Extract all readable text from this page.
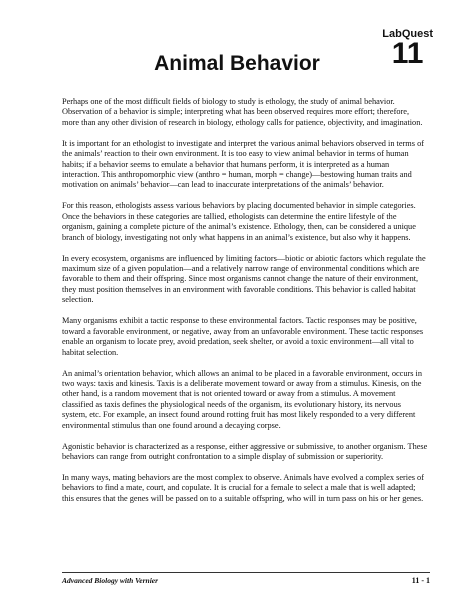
LabQuest
11
Animal Behavior

Perhaps one of the most difficult fields of biology to study is ethology, the study of animal behavior. Observation of a behavior is simple; interpreting what has been observed requires more effort; therefore, more than any other division of research in biology, ethology calls for patience, objectivity, and imagination.

It is important for an ethologist to investigate and interpret the various animal behaviors observed in terms of the animals’ reaction to their own environment. It is too easy to view animal behavior in terms of human habits; if a behavior seems to emulate a behavior that humans perform, it is interpreted as a human interaction. This anthropomorphic view (anthro = human, morph = change)—bestowing human traits and motivation on animals’ behavior—can lead to inaccurate interpretations of the animals’ behavior.

For this reason, ethologists assess various behaviors by placing documented behavior in simple categories. Once the behaviors in these categories are tallied, ethologists can determine the entire lifestyle of the organism, gaining a complete picture of the animal’s existence. Ethology, then, can be considered a unique branch of biology, investigating not only what happens in an animal’s existence, but also why it happens.

In every ecosystem, organisms are influenced by limiting factors—biotic or abiotic factors which regulate the maximum size of a given population—and a relatively narrow range of environmental conditions which are favorable to them and their offspring. Since most organisms cannot change the nature of their environment, they must position themselves in an environment with favorable conditions. This behavior is called habitat selection.

Many organisms exhibit a tactic response to these environmental factors. Tactic responses may be positive, toward a favorable environment, or negative, away from an unfavorable environment. These tactic responses enable an organism to locate prey, avoid predation, seek shelter, or avoid a toxic environment—all vital to habitat selection.

An animal’s orientation behavior, which allows an animal to be placed in a favorable environment, occurs in two ways: taxis and kinesis. Taxis is a deliberate movement toward or away from a stimulus. Kinesis, on the other hand, is a random movement that is not oriented toward or away from a stimulus. A movement classified as taxis defines the physiological needs of the organism, its evolutionary history, its nervous system, etc. For example, an insect found around rotting fruit has most likely responded to a very different environmental stimulus than one found around a decaying corpse.

Agonistic behavior is characterized as a response, either aggressive or submissive, to another organism. These behaviors can range from outright confrontation to a simple display of submission or superiority.

In many ways, mating behaviors are the most complex to observe. Animals have evolved a complex series of behaviors to find a mate, court, and copulate. It is crucial for a female to select a male that is well adapted; this ensures that the genes will be passed on to a suitable offspring, who will in turn pass on his or her genes.

Advanced Biology with Vernier	11 - 1
